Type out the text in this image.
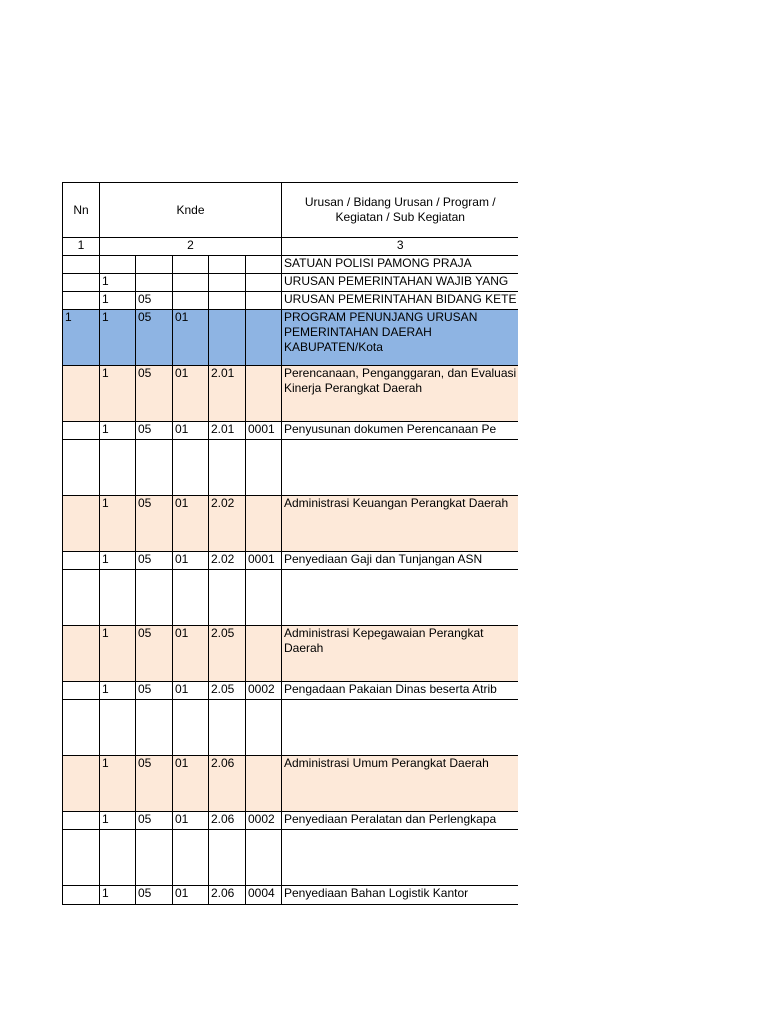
Nn	Knde					Urusan / Bidang Urusan / Program / Kegiatan / Sub Kegiatan
1	2					3
						SATUAN POLISI PAMONG PRAJA
	1					URUSAN PEMERINTAHAN WAJIB YANG
	1	05				URUSAN PEMERINTAHAN BIDANG KETE
1	1	05	01			PROGRAM PENUNJANG URUSAN PEMERINTAHAN DAERAH KABUPATEN/Kota
	1	05	01	2.01		Perencanaan, Penganggaran, dan Evaluasi Kinerja Perangkat Daerah
	1	05	01	2.01	0001	Penyusunan dokumen Perencanaan Pe

	1	05	01	2.02		Administrasi Keuangan Perangkat Daerah
	1	05	01	2.02	0001	Penyediaan Gaji dan Tunjangan ASN

	1	05	01	2.05		Administrasi Kepegawaian Perangkat Daerah
	1	05	01	2.05	0002	Pengadaan Pakaian Dinas beserta Atrib

	1	05	01	2.06		Administrasi Umum Perangkat Daerah
	1	05	01	2.06	0002	Penyediaan Peralatan dan Perlengkapa

	1	05	01	2.06	0004	Penyediaan Bahan Logistik Kantor
